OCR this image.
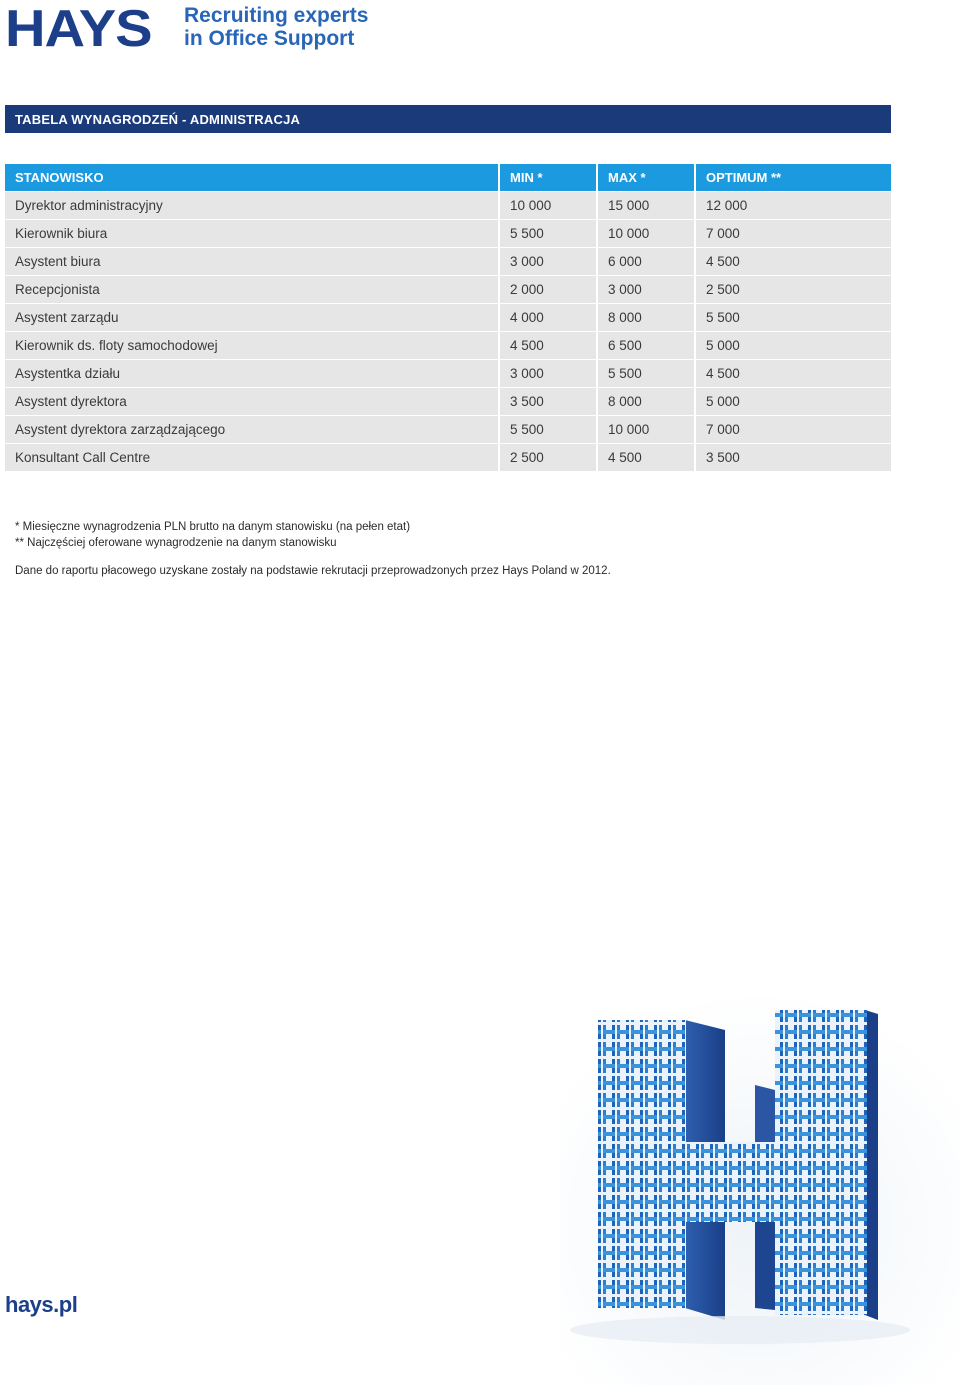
HAYS Recruiting experts
in Office Support
TABELA WYNAGRODZEŃ - ADMINISTRACJA
STANOWISKO	MIN *	MAX *	OPTIMUM **
Dyrektor administracyjny	10 000	15 000	12 000
Kierownik biura	5 500	10 000	7 000
Asystent biura	3 000	6 000	4 500
Recepcjonista	2 000	3 000	2 500
Asystent zarządu	4 000	8 000	5 500
Kierownik ds. floty samochodowej	4 500	6 500	5 000
Asystentka działu	3 000	5 500	4 500
Asystent dyrektora	3 500	8 000	5 000
Asystent dyrektora zarządzającego	5 500	10 000	7 000
Konsultant Call Centre	2 500	4 500	3 500
* Miesięczne wynagrodzenia PLN brutto na danym stanowisku (na pełen etat)
** Najczęściej oferowane wynagrodzenie na danym stanowisku
Dane do raportu płacowego uzyskane zostały na podstawie rekrutacji przeprowadzonych przez Hays Poland w 2012.
hays.pl
